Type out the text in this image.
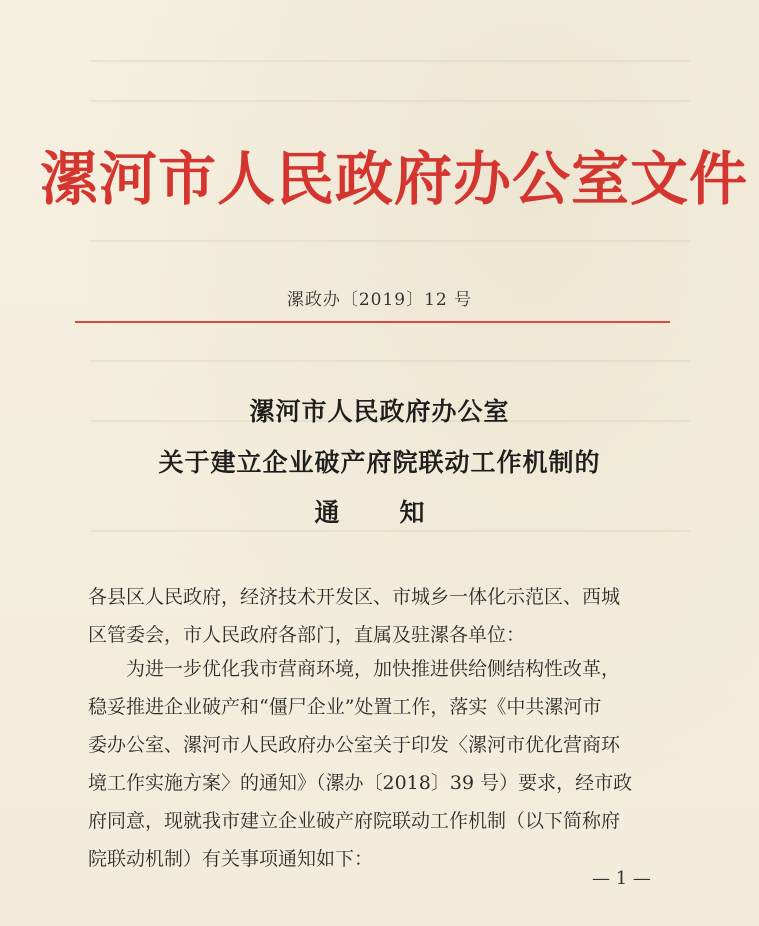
漯河市人民政府办公室文件
漯政办〔2019〕12 号
漯河市人民政府办公室
关于建立企业破产府院联动工作机制的
通知
各县区人民政府，经济技术开发区、市城乡一体化示范区、西城
区管委会，市人民政府各部门，直属及驻漯各单位：
为进一步优化我市营商环境，加快推进供给侧结构性改革，
稳妥推进企业破产和“僵尸企业”处置工作，落实《中共漯河市
委办公室、漯河市人民政府办公室关于印发〈漯河市优化营商环
境工作实施方案〉的通知》（漯办〔2018〕39 号）要求，经市政
府同意，现就我市建立企业破产府院联动工作机制（以下简称府
院联动机制）有关事项通知如下：
— 1 —
